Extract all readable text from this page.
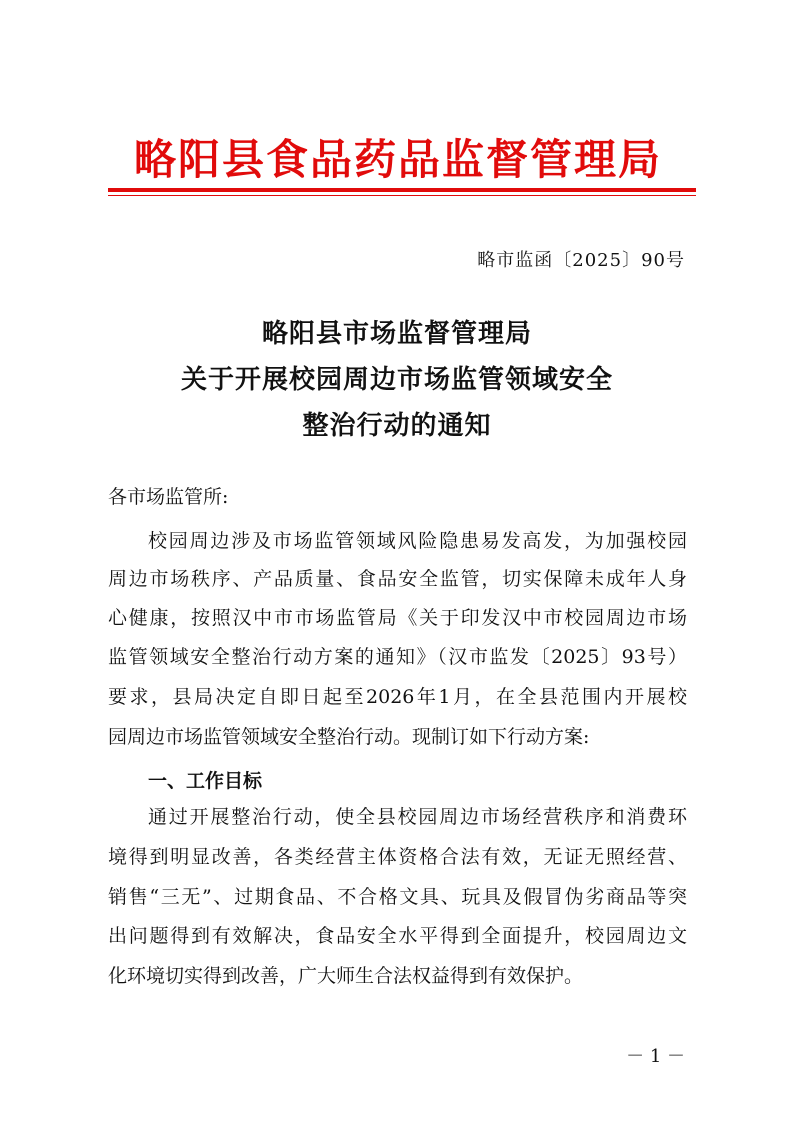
略阳县食品药品监督管理局
略市监函〔2025〕90号
略阳县市场监督管理局
关于开展校园周边市场监管领域安全
整治行动的通知
各市场监管所:
校园周边涉及市场监管领域风险隐患易发高发，为加强校园
周边市场秩序、产品质量、食品安全监管，切实保障未成年人身
心健康，按照汉中市市场监管局《关于印发汉中市校园周边市场
监管领域安全整治行动方案的通知》（汉市监发〔2025〕93号）
要求，县局决定自即日起至2026年1月，在全县范围内开展校
园周边市场监管领域安全整治行动。现制订如下行动方案:
一、工作目标
通过开展整治行动，使全县校园周边市场经营秩序和消费环
境得到明显改善，各类经营主体资格合法有效，无证无照经营、
销售“三无”、过期食品、不合格文具、玩具及假冒伪劣商品等突
出问题得到有效解决，食品安全水平得到全面提升，校园周边文
化环境切实得到改善，广大师生合法权益得到有效保护。
－ 1 －
